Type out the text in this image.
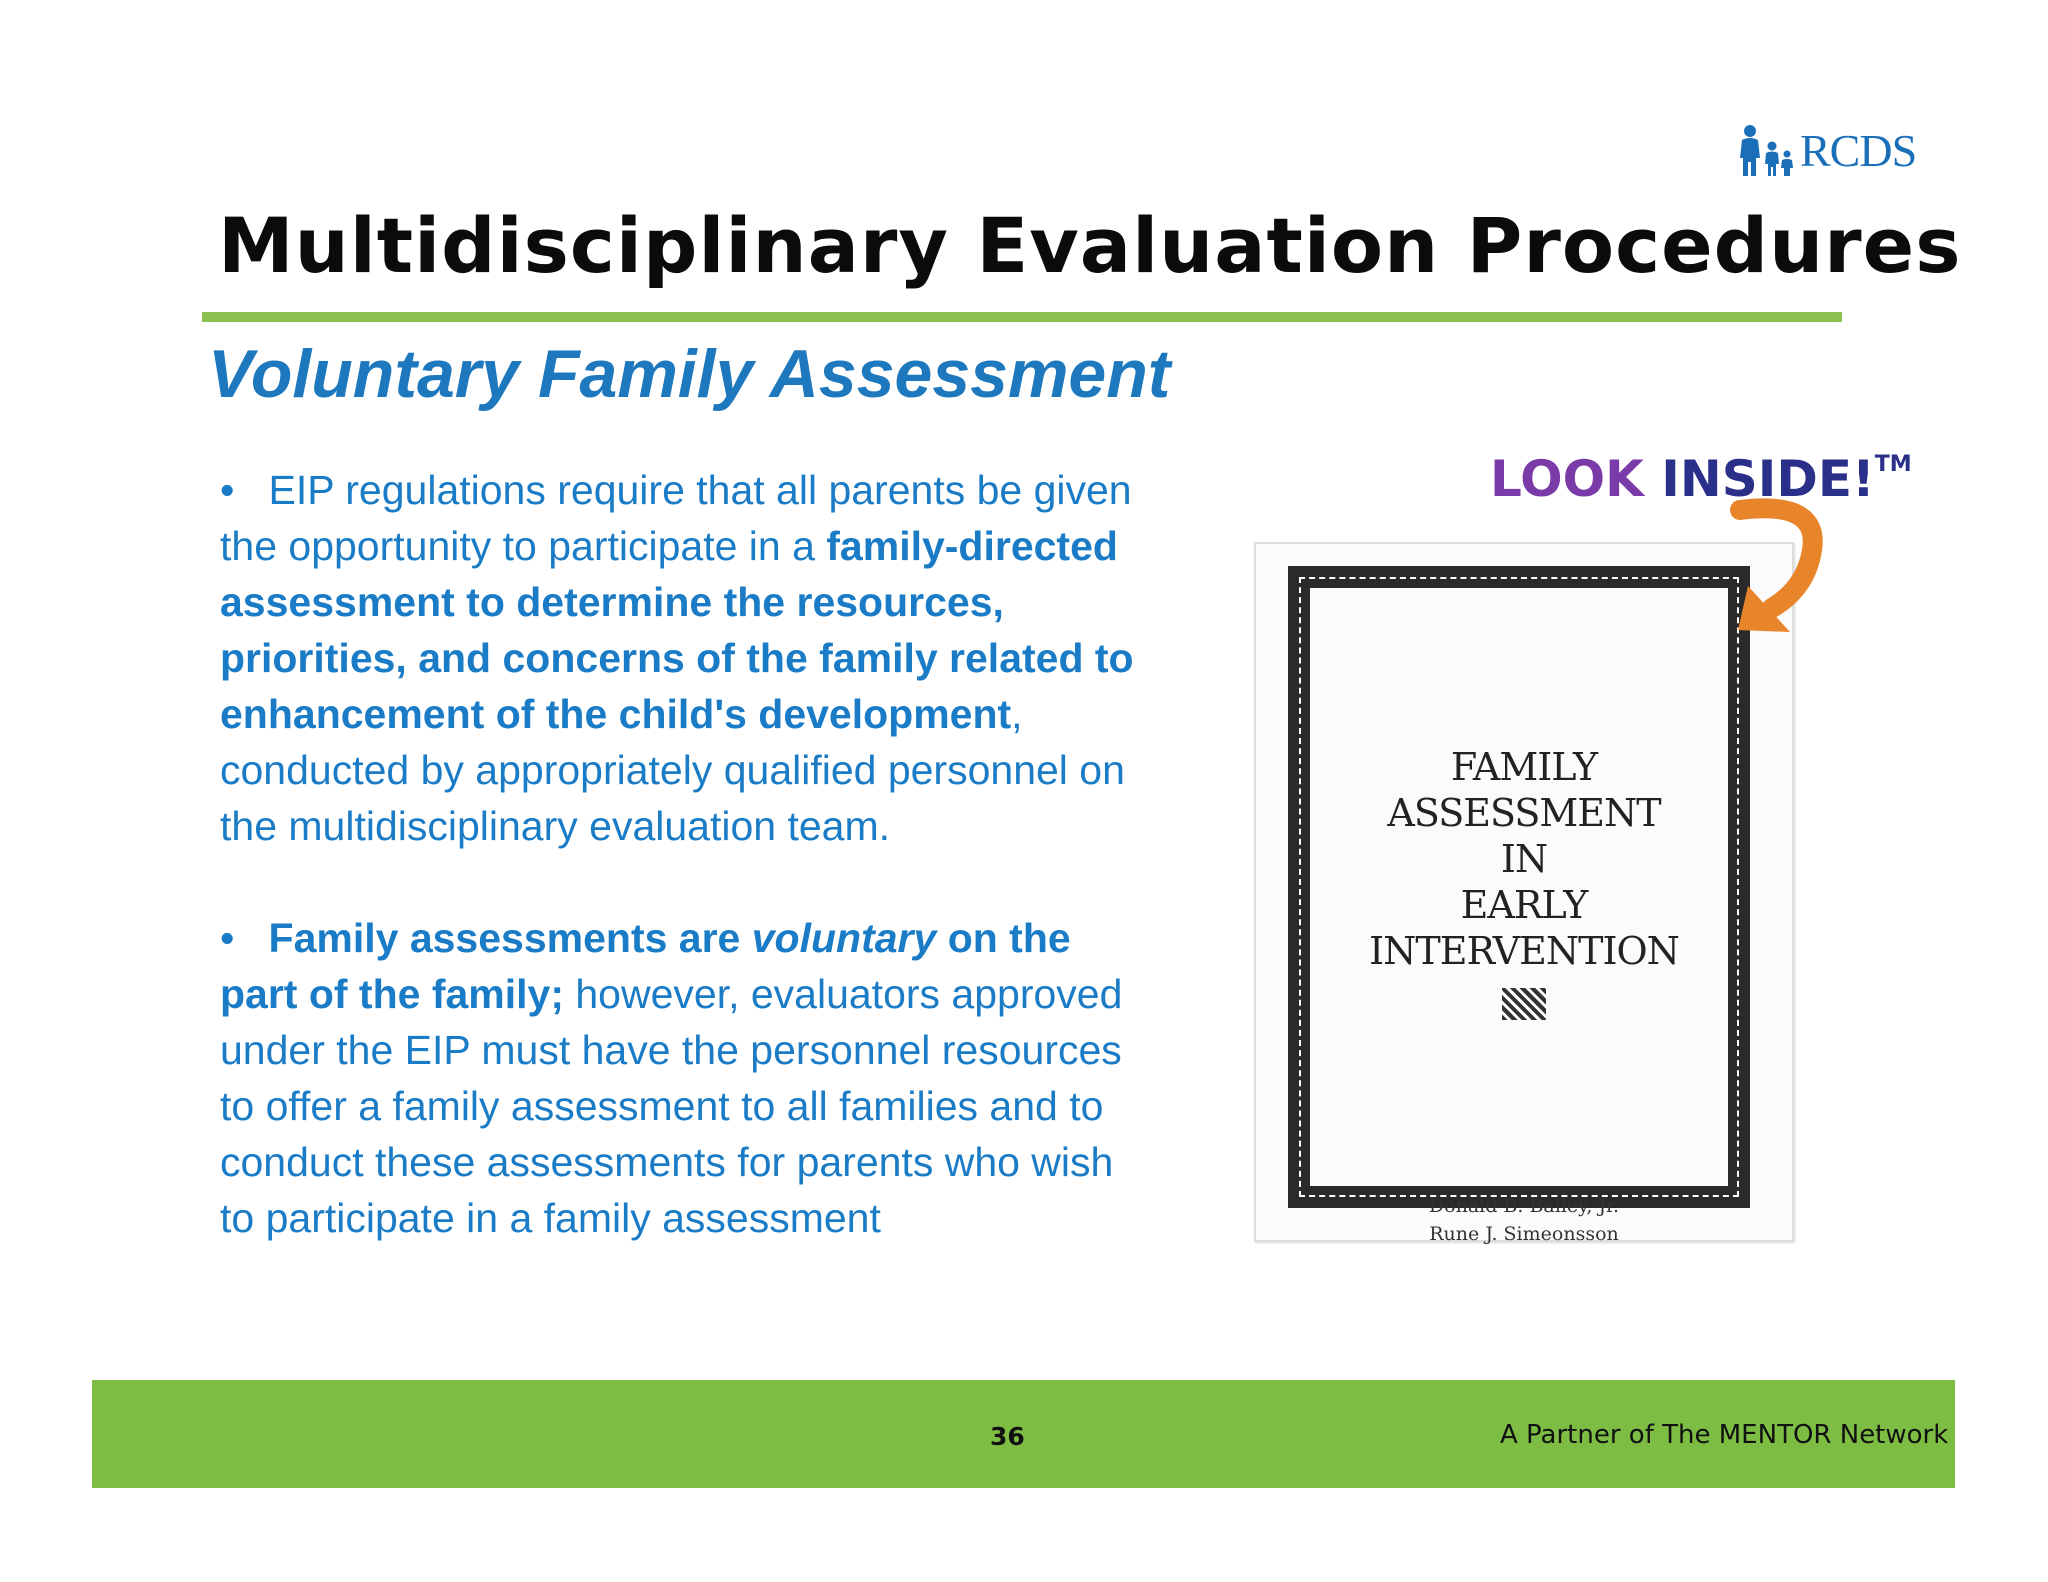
RCDS
Multidisciplinary Evaluation Procedures
Voluntary Family Assessment

• EIP regulations require that all parents be given the opportunity to participate in a family-directed assessment to determine the resources, priorities, and concerns of the family related to enhancement of the child's development, conducted by appropriately qualified personnel on the multidisciplinary evaluation team.

• Family assessments are voluntary on the part of the family; however, evaluators approved under the EIP must have the personnel resources to offer a family assessment to all families and to conduct these assessments for parents who wish to participate in a family assessment

LOOK INSIDE!™
FAMILY
ASSESSMENT
IN
EARLY
INTERVENTION
Donald B. Bailey, Jr.
Rune J. Simeonsson
36	A Partner of The MENTOR Network
